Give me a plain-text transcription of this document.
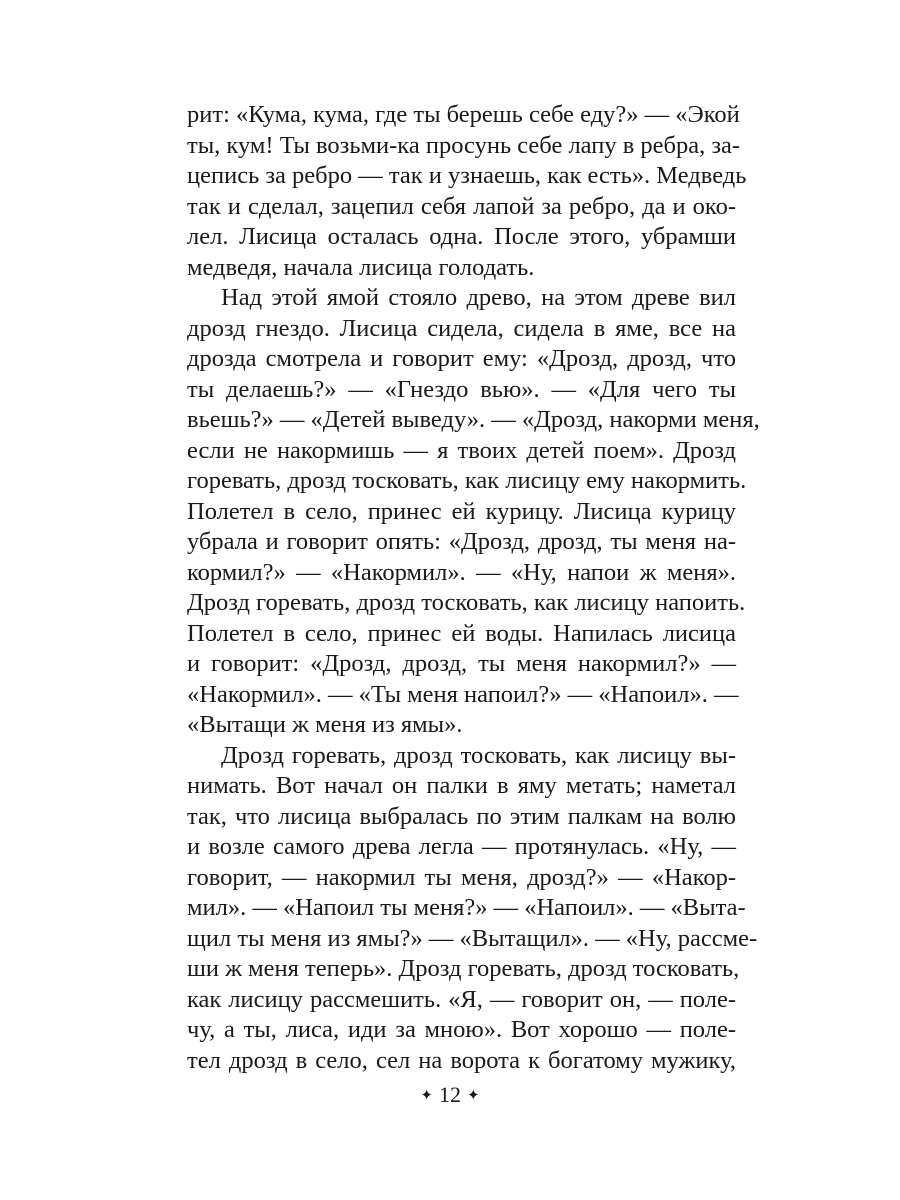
рит: «Кума, кума, где ты берешь себе еду?» — «Экой
ты, кум! Ты возьми-ка просунь себе лапу в ребра, за-
цепись за ребро — так и узнаешь, как есть». Медведь
так и сделал, зацепил себя лапой за ребро, да и око-
лел. Лисица осталась одна. После этого, убрамши
медведя, начала лисица голодать.

Над этой ямой стояло древо, на этом древе вил
дрозд гнездо. Лисица сидела, сидела в яме, все на
дрозда смотрела и говорит ему: «Дрозд, дрозд, что
ты делаешь?» — «Гнездо вью». — «Для чего ты
вьешь?» — «Детей выведу». — «Дрозд, накорми меня,
если не накормишь — я твоих детей поем». Дрозд
горевать, дрозд тосковать, как лисицу ему накормить.
Полетел в село, принес ей курицу. Лисица курицу
убрала и говорит опять: «Дрозд, дрозд, ты меня на-
кормил?» — «Накормил». — «Ну, напои ж меня».
Дрозд горевать, дрозд тосковать, как лисицу напоить.
Полетел в село, принес ей воды. Напилась лисица
и говорит: «Дрозд, дрозд, ты меня накормил?» —
«Накормил». — «Ты меня напоил?» — «Напоил». —
«Вытащи ж меня из ямы».

Дрозд горевать, дрозд тосковать, как лисицу вы-
нимать. Вот начал он палки в яму метать; наметал
так, что лисица выбралась по этим палкам на волю
и возле самого древа легла — протянулась. «Ну, —
говорит, — накормил ты меня, дрозд?» — «Накор-
мил». — «Напоил ты меня?» — «Напоил». — «Выта-
щил ты меня из ямы?» — «Вытащил». — «Ну, рассме-
ши ж меня теперь». Дрозд горевать, дрозд тосковать,
как лисицу рассмешить. «Я, — говорит он, — поле-
чу, а ты, лиса, иди за мною». Вот хорошо — поле-
тел дрозд в село, сел на ворота к богатому мужику,

✦ 12 ✦
